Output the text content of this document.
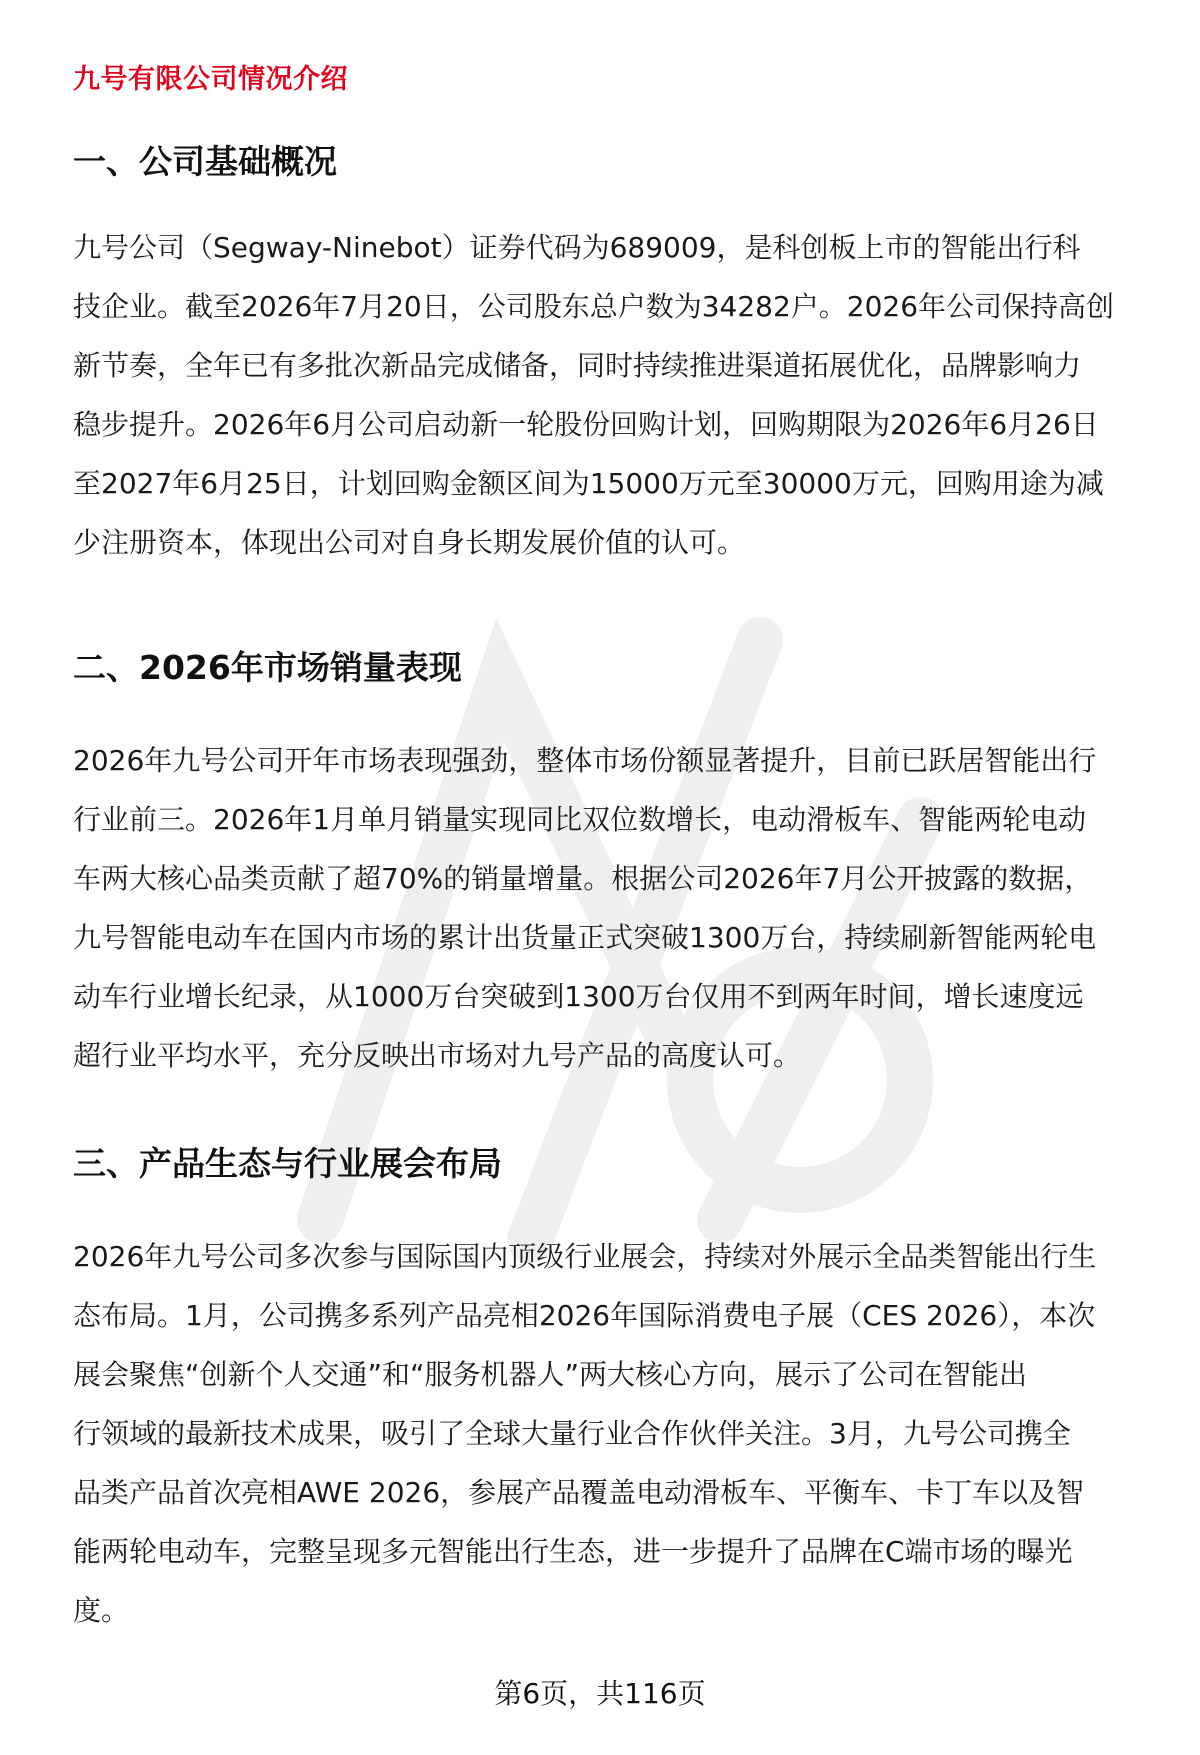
九号有限公司情况介绍
一、公司基础概况
九号公司（Segway-Ninebot）证券代码为689009，是科创板上市的智能出行科
技企业。截至2026年7月20日，公司股东总户数为34282户。2026年公司保持高创
新节奏，全年已有多批次新品完成储备，同时持续推进渠道拓展优化，品牌影响力
稳步提升。2026年6月公司启动新一轮股份回购计划，回购期限为2026年6月26日
至2027年6月25日，计划回购金额区间为15000万元至30000万元，回购用途为减
少注册资本，体现出公司对自身长期发展价值的认可。
二、2026年市场销量表现
2026年九号公司开年市场表现强劲，整体市场份额显著提升，目前已跃居智能出行
行业前三。2026年1月单月销量实现同比双位数增长，电动滑板车、智能两轮电动
车两大核心品类贡献了超70%的销量增量。根据公司2026年7月公开披露的数据，
九号智能电动车在国内市场的累计出货量正式突破1300万台，持续刷新智能两轮电
动车行业增长纪录，从1000万台突破到1300万台仅用不到两年时间，增长速度远
超行业平均水平，充分反映出市场对九号产品的高度认可。
三、产品生态与行业展会布局
2026年九号公司多次参与国际国内顶级行业展会，持续对外展示全品类智能出行生
态布局。1月，公司携多系列产品亮相2026年国际消费电子展（CES 2026），本次
展会聚焦“创新个人交通”和“服务机器人”两大核心方向，展示了公司在智能出
行领域的最新技术成果，吸引了全球大量行业合作伙伴关注。3月，九号公司携全
品类产品首次亮相AWE 2026，参展产品覆盖电动滑板车、平衡车、卡丁车以及智
能两轮电动车，完整呈现多元智能出行生态，进一步提升了品牌在C端市场的曝光
度。
第6页，共116页
